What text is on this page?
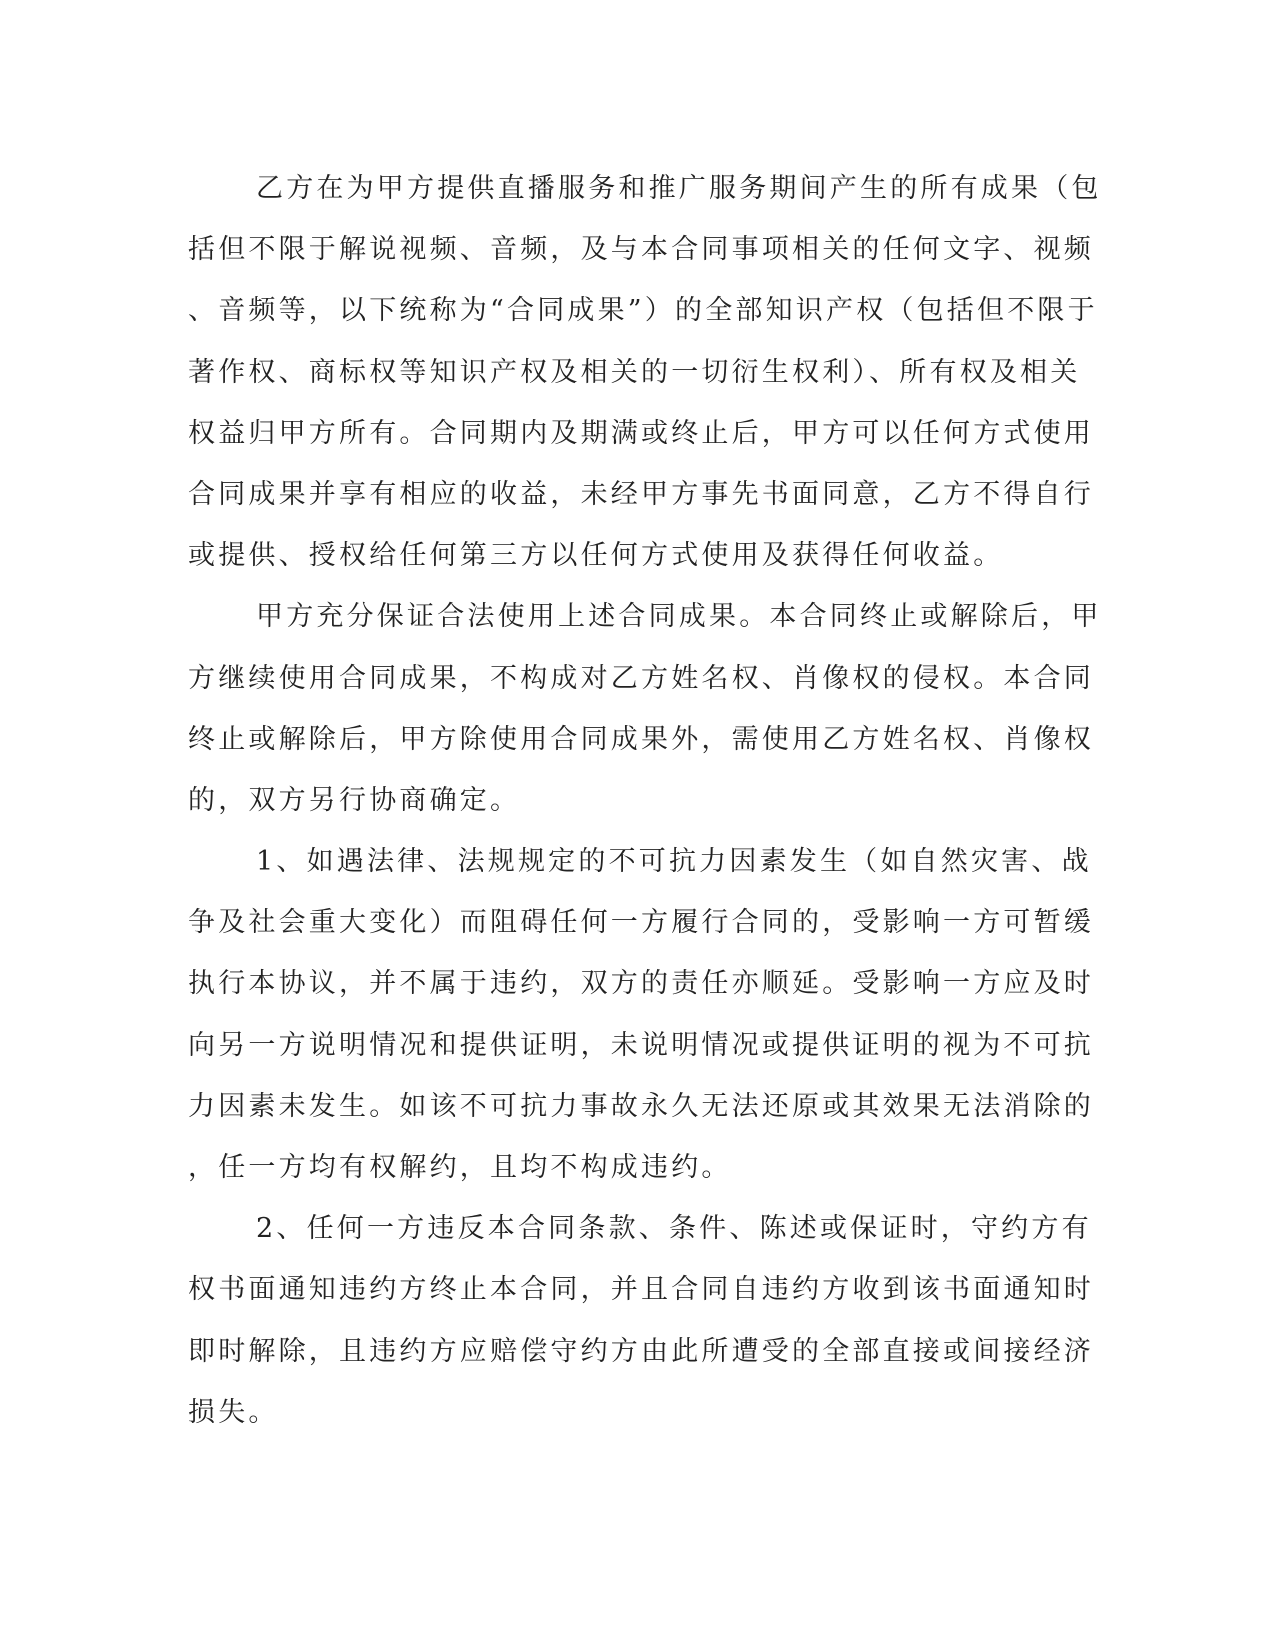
乙方在为甲方提供直播服务和推广服务期间产生的所有成果（包
括但不限于解说视频、音频，及与本合同事项相关的任何文字、视频
、音频等，以下统称为“合同成果”）的全部知识产权（包括但不限于
著作权、商标权等知识产权及相关的一切衍生权利）、所有权及相关
权益归甲方所有。合同期内及期满或终止后，甲方可以任何方式使用
合同成果并享有相应的收益，未经甲方事先书面同意，乙方不得自行
或提供、授权给任何第三方以任何方式使用及获得任何收益。
甲方充分保证合法使用上述合同成果。本合同终止或解除后，甲
方继续使用合同成果，不构成对乙方姓名权、肖像权的侵权。本合同
终止或解除后，甲方除使用合同成果外，需使用乙方姓名权、肖像权
的，双方另行协商确定。
1、如遇法律、法规规定的不可抗力因素发生（如自然灾害、战
争及社会重大变化）而阻碍任何一方履行合同的，受影响一方可暂缓
执行本协议，并不属于违约，双方的责任亦顺延。受影响一方应及时
向另一方说明情况和提供证明，未说明情况或提供证明的视为不可抗
力因素未发生。如该不可抗力事故永久无法还原或其效果无法消除的
，任一方均有权解约，且均不构成违约。
2、任何一方违反本合同条款、条件、陈述或保证时，守约方有
权书面通知违约方终止本合同，并且合同自违约方收到该书面通知时
即时解除，且违约方应赔偿守约方由此所遭受的全部直接或间接经济
损失。
